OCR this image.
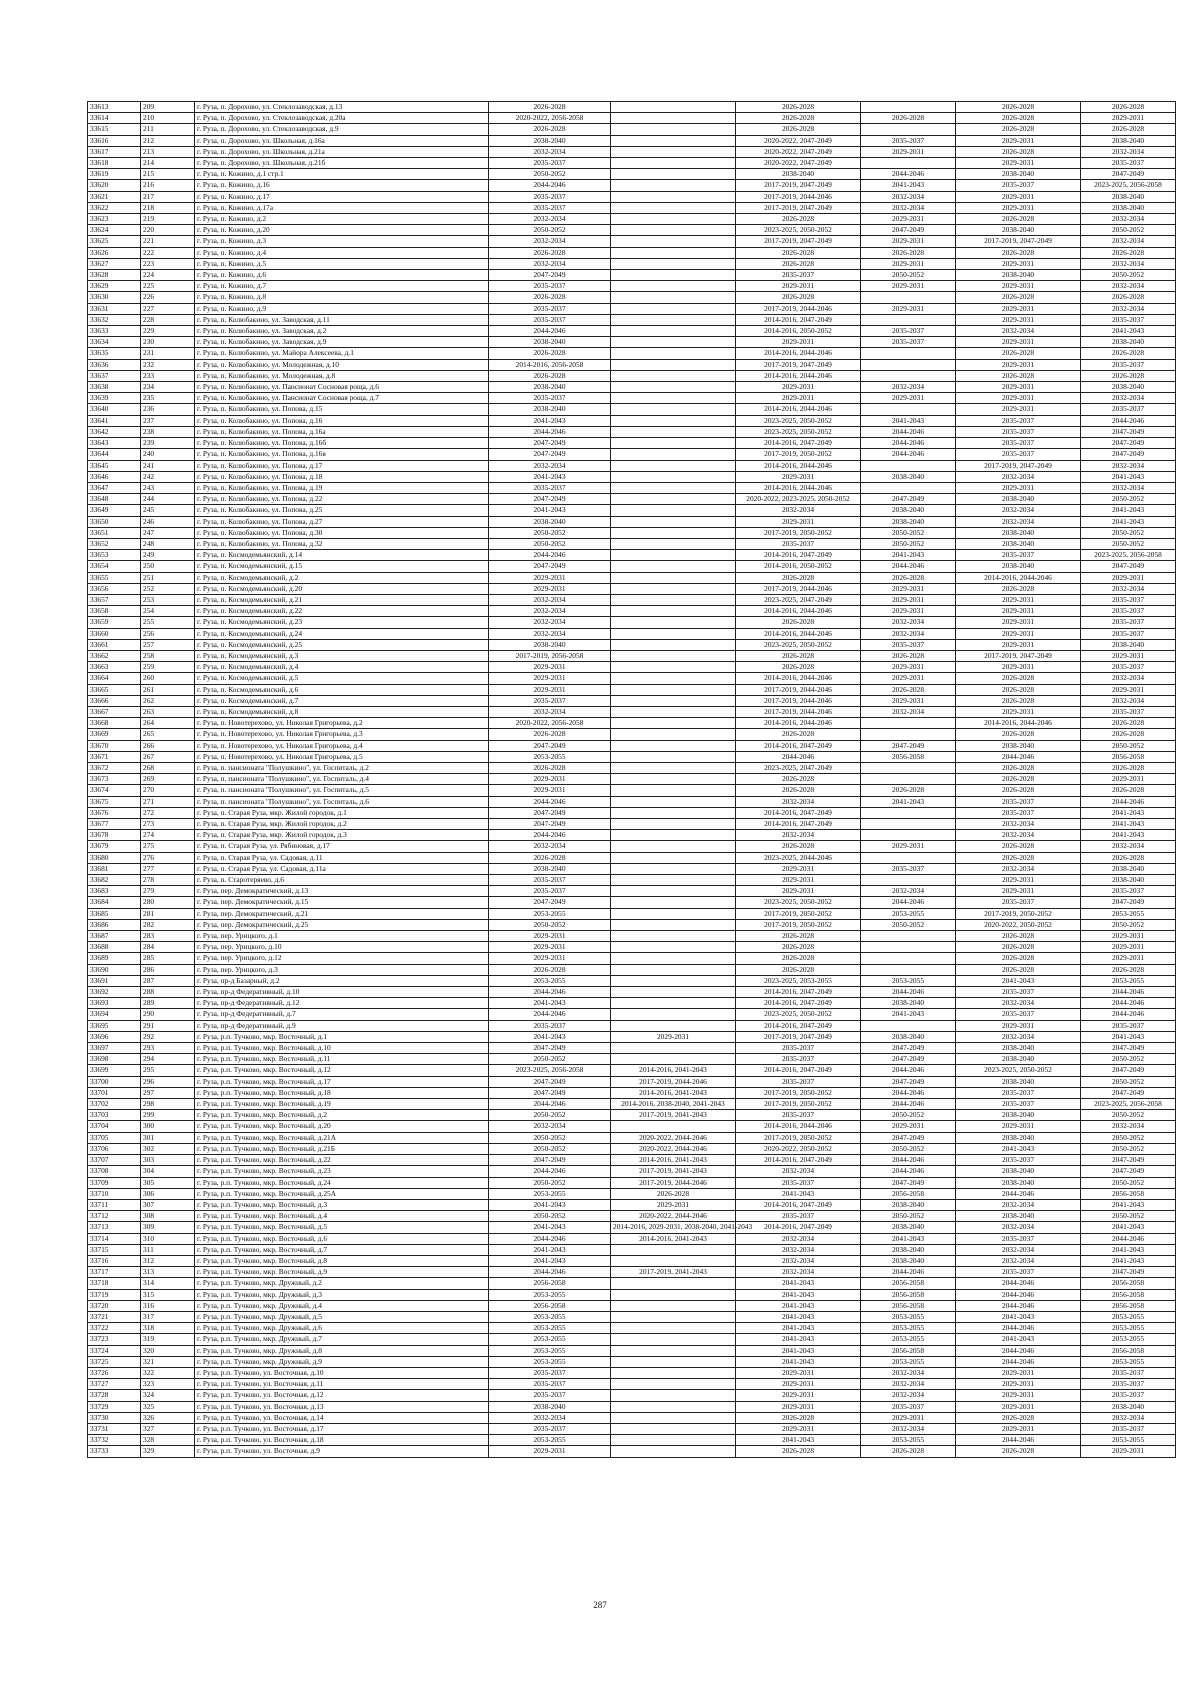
33613	209	г. Руза, п. Дорохово, ул. Стеклозаводская, д.13	2026-2028		2026-2028		2026-2028	2026-2028
33614	210	г. Руза, п. Дорохово, ул. Стеклозаводская, д.20а	2020-2022, 2056-2058		2026-2028	2026-2028	2026-2028	2029-2031
33615	211	г. Руза, п. Дорохово, ул. Стеклозаводская, д.9	2026-2028		2026-2028		2026-2028	2026-2028
33616	212	г. Руза, п. Дорохово, ул. Школьная, д.16а	2038-2040		2020-2022, 2047-2049	2035-2037	2029-2031	2038-2040
33617	213	г. Руза, п. Дорохово, ул. Школьная, д.21а	2032-2034		2020-2022, 2047-2049	2029-2031	2026-2028	2032-2034
33618	214	г. Руза, п. Дорохово, ул. Школьная, д.21б	2035-2037		2020-2022, 2047-2049		2029-2031	2035-2037
33619	215	г. Руза, п. Кожино, д.1 стр.1	2050-2052		2038-2040	2044-2046	2038-2040	2047-2049
33620	216	г. Руза, п. Кожино, д.16	2044-2046		2017-2019, 2047-2049	2041-2043	2035-2037	2023-2025, 2056-2058
33621	217	г. Руза, п. Кожино, д.17	2035-2037		2017-2019, 2044-2046	2032-2034	2029-2031	2038-2040
33622	218	г. Руза, п. Кожино, д.17а	2035-2037		2017-2019, 2047-2049	2032-2034	2029-2031	2038-2040
33623	219	г. Руза, п. Кожино, д.2	2032-2034		2026-2028	2029-2031	2026-2028	2032-2034
33624	220	г. Руза, п. Кожино, д.20	2050-2052		2023-2025, 2050-2052	2047-2049	2038-2040	2050-2052
33625	221	г. Руза, п. Кожино, д.3	2032-2034		2017-2019, 2047-2049	2029-2031	2017-2019, 2047-2049	2032-2034
33626	222	г. Руза, п. Кожино, д.4	2026-2028		2026-2028	2026-2028	2026-2028	2026-2028
33627	223	г. Руза, п. Кожино, д.5	2032-2034		2026-2028	2029-2031	2029-2031	2032-2034
33628	224	г. Руза, п. Кожино, д.6	2047-2049		2035-2037	2050-2052	2038-2040	2050-2052
33629	225	г. Руза, п. Кожино, д.7	2035-2037		2029-2031	2029-2031	2029-2031	2032-2034
33630	226	г. Руза, п. Кожино, д.8	2026-2028		2026-2028		2026-2028	2026-2028
33631	227	г. Руза, п. Кожино, д.9	2035-2037		2017-2019, 2044-2046	2029-2031	2029-2031	2032-2034
33632	228	г. Руза, п. Колюбакино, ул. Заводская, д.11	2035-2037		2014-2016, 2047-2049		2029-2031	2035-2037
33633	229	г. Руза, п. Колюбакино, ул. Заводская, д.2	2044-2046		2014-2016, 2050-2052	2035-2037	2032-2034	2041-2043
33634	230	г. Руза, п. Колюбакино, ул. Заводская, д.9	2038-2040		2029-2031	2035-2037	2029-2031	2038-2040
33635	231	г. Руза, п. Колюбакино, ул. Майора Алексеева, д.1	2026-2028		2014-2016, 2044-2046		2026-2028	2026-2028
33636	232	г. Руза, п. Колюбакино, ул. Молодежная, д.10	2014-2016, 2056-2058		2017-2019, 2047-2049		2029-2031	2035-2037
33637	233	г. Руза, п. Колюбакино, ул. Молодежная, д.8	2026-2028		2014-2016, 2044-2046		2026-2028	2026-2028
33638	234	г. Руза, п. Колюбакино, ул. Пансионат Сосновая роща, д.6	2038-2040		2029-2031	2032-2034	2029-2031	2038-2040
33639	235	г. Руза, п. Колюбакино, ул. Пансионат Сосновая роща, д.7	2035-2037		2029-2031	2029-2031	2029-2031	2032-2034
33640	236	г. Руза, п. Колюбакино, ул. Попова, д.15	2038-2040		2014-2016, 2044-2046		2029-2031	2035-2037
33641	237	г. Руза, п. Колюбакино, ул. Попова, д.16	2041-2043		2023-2025, 2050-2052	2041-2043	2035-2037	2044-2046
33642	238	г. Руза, п. Колюбакино, ул. Попова, д.16а	2044-2046		2023-2025, 2050-2052	2044-2046	2035-2037	2047-2049
33643	239	г. Руза, п. Колюбакино, ул. Попова, д.16б	2047-2049		2014-2016, 2047-2049	2044-2046	2035-2037	2047-2049
33644	240	г. Руза, п. Колюбакино, ул. Попова, д.16в	2047-2049		2017-2019, 2050-2052	2044-2046	2035-2037	2047-2049
33645	241	г. Руза, п. Колюбакино, ул. Попова, д.17	2032-2034		2014-2016, 2044-2046		2017-2019, 2047-2049	2032-2034
33646	242	г. Руза, п. Колюбакино, ул. Попова, д.18	2041-2043		2029-2031	2038-2040	2032-2034	2041-2043
33647	243	г. Руза, п. Колюбакино, ул. Попова, д.19	2035-2037		2014-2016, 2044-2046		2029-2031	2032-2034
33648	244	г. Руза, п. Колюбакино, ул. Попова, д.22	2047-2049		2020-2022, 2023-2025, 2050-2052	2047-2049	2038-2040	2050-2052
33649	245	г. Руза, п. Колюбакино, ул. Попова, д.25	2041-2043		2032-2034	2038-2040	2032-2034	2041-2043
33650	246	г. Руза, п. Колюбакино, ул. Попова, д.27	2038-2040		2029-2031	2038-2040	2032-2034	2041-2043
33651	247	г. Руза, п. Колюбакино, ул. Попова, д.30	2050-2052		2017-2019, 2050-2052	2050-2052	2038-2040	2050-2052
33652	248	г. Руза, п. Колюбакино, ул. Попова, д.32	2050-2052		2035-2037	2050-2052	2038-2040	2050-2052
33653	249	г. Руза, п. Космодемьянский, д.14	2044-2046		2014-2016, 2047-2049	2041-2043	2035-2037	2023-2025, 2056-2058
33654	250	г. Руза, п. Космодемьянский, д.15	2047-2049		2014-2016, 2050-2052	2044-2046	2038-2040	2047-2049
33655	251	г. Руза, п. Космодемьянский, д.2	2029-2031		2026-2028	2026-2028	2014-2016, 2044-2046	2029-2031
33656	252	г. Руза, п. Космодемьянский, д.20	2029-2031		2017-2019, 2044-2046	2029-2031	2026-2028	2032-2034
33657	253	г. Руза, п. Космодемьянский, д.21	2032-2034		2023-2025, 2047-2049	2029-2031	2029-2031	2035-2037
33658	254	г. Руза, п. Космодемьянский, д.22	2032-2034		2014-2016, 2044-2046	2029-2031	2029-2031	2035-2037
33659	255	г. Руза, п. Космодемьянский, д.23	2032-2034		2026-2028	2032-2034	2029-2031	2035-2037
33660	256	г. Руза, п. Космодемьянский, д.24	2032-2034		2014-2016, 2044-2046	2032-2034	2029-2031	2035-2037
33661	257	г. Руза, п. Космодемьянский, д.25	2038-2040		2023-2025, 2050-2052	2035-2037	2029-2031	2038-2040
33662	258	г. Руза, п. Космодемьянский, д.3	2017-2019, 2056-2058		2026-2028	2026-2028	2017-2019, 2047-2049	2029-2031
33663	259	г. Руза, п. Космодемьянский, д.4	2029-2031		2026-2028	2029-2031	2029-2031	2035-2037
33664	260	г. Руза, п. Космодемьянский, д.5	2029-2031		2014-2016, 2044-2046	2029-2031	2026-2028	2032-2034
33665	261	г. Руза, п. Космодемьянский, д.6	2029-2031		2017-2019, 2044-2046	2026-2028	2026-2028	2029-2031
33666	262	г. Руза, п. Космодемьянский, д.7	2035-2037		2017-2019, 2044-2046	2029-2031	2026-2028	2032-2034
33667	263	г. Руза, п. Космодемьянский, д.8	2032-2034		2017-2019, 2044-2046	2032-2034	2029-2031	2035-2037
33668	264	г. Руза, п. Новотерехово, ул. Николая Григорьева, д.2	2020-2022, 2056-2058		2014-2016, 2044-2046		2014-2016, 2044-2046	2026-2028
33669	265	г. Руза, п. Новотерехово, ул. Николая Григорьева, д.3	2026-2028		2026-2028		2026-2028	2026-2028
33670	266	г. Руза, п. Новотерехово, ул. Николая Григорьева, д.4	2047-2049		2014-2016, 2047-2049	2047-2049	2038-2040	2050-2052
33671	267	г. Руза, п. Новотерехово, ул. Николая Григорьева, д.5	2053-2055		2044-2046	2056-2058	2044-2046	2056-2058
33672	268	г. Руза, п. пансионата "Полушкино", ул. Госпиталь, д.2	2026-2028		2023-2025, 2047-2049		2026-2028	2026-2028
33673	269	г. Руза, п. пансионата "Полушкино", ул. Госпиталь, д.4	2029-2031		2026-2028		2026-2028	2029-2031
33674	270	г. Руза, п. пансионата "Полушкино", ул. Госпиталь, д.5	2029-2031		2026-2028	2026-2028	2026-2028	2026-2028
33675	271	г. Руза, п. пансионата "Полушкино", ул. Госпиталь, д.6	2044-2046		2032-2034	2041-2043	2035-2037	2044-2046
33676	272	г. Руза, п. Старая Руза, мкр. Жилой городок, д.1	2047-2049		2014-2016, 2047-2049		2035-2037	2041-2043
33677	273	г. Руза, п. Старая Руза, мкр. Жилой городок, д.2	2047-2049		2014-2016, 2047-2049		2032-2034	2041-2043
33678	274	г. Руза, п. Старая Руза, мкр. Жилой городок, д.3	2044-2046		2032-2034		2032-2034	2041-2043
33679	275	г. Руза, п. Старая Руза, ул. Рябиновая, д.17	2032-2034		2026-2028	2029-2031	2026-2028	2032-2034
33680	276	г. Руза, п. Старая Руза, ул. Садовая, д.11	2026-2028		2023-2025, 2044-2046		2026-2028	2026-2028
33681	277	г. Руза, п. Старая Руза, ул. Садовая, д.11а	2038-2040		2029-2031	2035-2037	2032-2034	2038-2040
33682	278	г. Руза, п. Старотеряево, д.6	2035-2037		2029-2031		2029-2031	2038-2040
33683	279	г. Руза, пер. Демократический, д.13	2035-2037		2029-2031	2032-2034	2029-2031	2035-2037
33684	280	г. Руза, пер. Демократический, д.15	2047-2049		2023-2025, 2050-2052	2044-2046	2035-2037	2047-2049
33685	281	г. Руза, пер. Демократический, д.21	2053-2055		2017-2019, 2050-2052	2053-2055	2017-2019, 2050-2052	2053-2055
33686	282	г. Руза, пер. Демократический, д.25	2050-2052		2017-2019, 2050-2052	2050-2052	2020-2022, 2050-2052	2050-2052
33687	283	г. Руза, пер. Урицкого, д.1	2029-2031		2026-2028		2026-2028	2029-2031
33688	284	г. Руза, пер. Урицкого, д.10	2029-2031		2026-2028		2026-2028	2029-2031
33689	285	г. Руза, пер. Урицкого, д.12	2029-2031		2026-2028		2026-2028	2029-2031
33690	286	г. Руза, пер. Урицкого, д.3	2026-2028		2026-2028		2026-2028	2026-2028
33691	287	г. Руза, пр-д Базарный, д.2	2053-2055		2023-2025, 2053-2055	2053-2055	2041-2043	2053-2055
33692	288	г. Руза, пр-д Федеративный, д.10	2044-2046		2014-2016, 2047-2049	2044-2046	2035-2037	2044-2046
33693	289	г. Руза, пр-д Федеративный, д.12	2041-2043		2014-2016, 2047-2049	2038-2040	2032-2034	2044-2046
33694	290	г. Руза, пр-д Федеративный, д.7	2044-2046		2023-2025, 2050-2052	2041-2043	2035-2037	2044-2046
33695	291	г. Руза, пр-д Федеративный, д.9	2035-2037		2014-2016, 2047-2049		2029-2031	2035-2037
33696	292	г. Руза, р.п. Тучково, мкр. Восточный, д.1	2041-2043	2029-2031	2017-2019, 2047-2049	2038-2040	2032-2034	2041-2043
33697	293	г. Руза, р.п. Тучково, мкр. Восточный, д.10	2047-2049		2035-2037	2047-2049	2038-2040	2047-2049
33698	294	г. Руза, р.п. Тучково, мкр. Восточный, д.11	2050-2052		2035-2037	2047-2049	2038-2040	2050-2052
33699	295	г. Руза, р.п. Тучково, мкр. Восточный, д.12	2023-2025, 2056-2058	2014-2016, 2041-2043	2014-2016, 2047-2049	2044-2046	2023-2025, 2050-2052	2047-2049
33700	296	г. Руза, р.п. Тучково, мкр. Восточный, д.17	2047-2049	2017-2019, 2044-2046	2035-2037	2047-2049	2038-2040	2050-2052
33701	297	г. Руза, р.п. Тучково, мкр. Восточный, д.18	2047-2049	2014-2016, 2041-2043	2017-2019, 2050-2052	2044-2046	2035-2037	2047-2049
33702	298	г. Руза, р.п. Тучково, мкр. Восточный, д.19	2044-2046	2014-2016, 2038-2040, 2041-2043	2017-2019, 2050-2052	2044-2046	2035-2037	2023-2025, 2056-2058
33703	299	г. Руза, р.п. Тучково, мкр. Восточный, д.2	2050-2052	2017-2019, 2041-2043	2035-2037	2050-2052	2038-2040	2050-2052
33704	300	г. Руза, р.п. Тучково, мкр. Восточный, д.20	2032-2034		2014-2016, 2044-2046	2029-2031	2029-2031	2032-2034
33705	301	г. Руза, р.п. Тучково, мкр. Восточный, д.21А	2050-2052	2020-2022, 2044-2046	2017-2019, 2050-2052	2047-2049	2038-2040	2050-2052
33706	302	г. Руза, р.п. Тучково, мкр. Восточный, д.21Б	2050-2052	2020-2022, 2044-2046	2020-2022, 2050-2052	2050-2052	2041-2043	2050-2052
33707	303	г. Руза, р.п. Тучково, мкр. Восточный, д.22	2047-2049	2014-2016, 2041-2043	2014-2016, 2047-2049	2044-2046	2035-2037	2047-2049
33708	304	г. Руза, р.п. Тучково, мкр. Восточный, д.23	2044-2046	2017-2019, 2041-2043	2032-2034	2044-2046	2038-2040	2047-2049
33709	305	г. Руза, р.п. Тучково, мкр. Восточный, д.24	2050-2052	2017-2019, 2044-2046	2035-2037	2047-2049	2038-2040	2050-2052
33710	306	г. Руза, р.п. Тучково, мкр. Восточный, д.25А	2053-2055	2026-2028	2041-2043	2056-2058	2044-2046	2056-2058
33711	307	г. Руза, р.п. Тучково, мкр. Восточный, д.3	2041-2043	2029-2031	2014-2016, 2047-2049	2038-2040	2032-2034	2041-2043
33712	308	г. Руза, р.п. Тучково, мкр. Восточный, д.4	2050-2052	2020-2022, 2044-2046	2035-2037	2050-2052	2038-2040	2050-2052
33713	309	г. Руза, р.п. Тучково, мкр. Восточный, д.5	2041-2043	2014-2016, 2029-2031, 2038-2040, 2041-2043	2014-2016, 2047-2049	2038-2040	2032-2034	2041-2043
33714	310	г. Руза, р.п. Тучково, мкр. Восточный, д.6	2044-2046	2014-2016, 2041-2043	2032-2034	2041-2043	2035-2037	2044-2046
33715	311	г. Руза, р.п. Тучково, мкр. Восточный, д.7	2041-2043		2032-2034	2038-2040	2032-2034	2041-2043
33716	312	г. Руза, р.п. Тучково, мкр. Восточный, д.8	2041-2043		2032-2034	2038-2040	2032-2034	2041-2043
33717	313	г. Руза, р.п. Тучково, мкр. Восточный, д.9	2044-2046	2017-2019, 2041-2043	2032-2034	2044-2046	2035-2037	2047-2049
33718	314	г. Руза, р.п. Тучково, мкр. Дружный, д.2	2056-2058		2041-2043	2056-2058	2044-2046	2056-2058
33719	315	г. Руза, р.п. Тучково, мкр. Дружный, д.3	2053-2055		2041-2043	2056-2058	2044-2046	2056-2058
33720	316	г. Руза, р.п. Тучково, мкр. Дружный, д.4	2056-2058		2041-2043	2056-2058	2044-2046	2056-2058
33721	317	г. Руза, р.п. Тучково, мкр. Дружный, д.5	2053-2055		2041-2043	2053-2055	2041-2043	2053-2055
33722	318	г. Руза, р.п. Тучково, мкр. Дружный, д.6	2053-2055		2041-2043	2053-2055	2044-2046	2053-2055
33723	319	г. Руза, р.п. Тучково, мкр. Дружный, д.7	2053-2055		2041-2043	2053-2055	2041-2043	2053-2055
33724	320	г. Руза, р.п. Тучково, мкр. Дружный, д.8	2053-2055		2041-2043	2056-2058	2044-2046	2056-2058
33725	321	г. Руза, р.п. Тучково, мкр. Дружный, д.9	2053-2055		2041-2043	2053-2055	2044-2046	2053-2055
33726	322	г. Руза, р.п. Тучково, ул. Восточная, д.10	2035-2037		2029-2031	2032-2034	2029-2031	2035-2037
33727	323	г. Руза, р.п. Тучково, ул. Восточная, д.11	2035-2037		2029-2031	2032-2034	2029-2031	2035-2037
33728	324	г. Руза, р.п. Тучково, ул. Восточная, д.12	2035-2037		2029-2031	2032-2034	2029-2031	2035-2037
33729	325	г. Руза, р.п. Тучково, ул. Восточная, д.13	2038-2040		2029-2031	2035-2037	2029-2031	2038-2040
33730	326	г. Руза, р.п. Тучково, ул. Восточная, д.14	2032-2034		2026-2028	2029-2031	2026-2028	2032-2034
33731	327	г. Руза, р.п. Тучково, ул. Восточная, д.17	2035-2037		2029-2031	2032-2034	2029-2031	2035-2037
33732	328	г. Руза, р.п. Тучково, ул. Восточная, д.18	2053-2055		2041-2043	2053-2055	2044-2046	2053-2055
33733	329	г. Руза, р.п. Тучково, ул. Восточная, д.9	2029-2031		2026-2028	2026-2028	2026-2028	2029-2031
287
